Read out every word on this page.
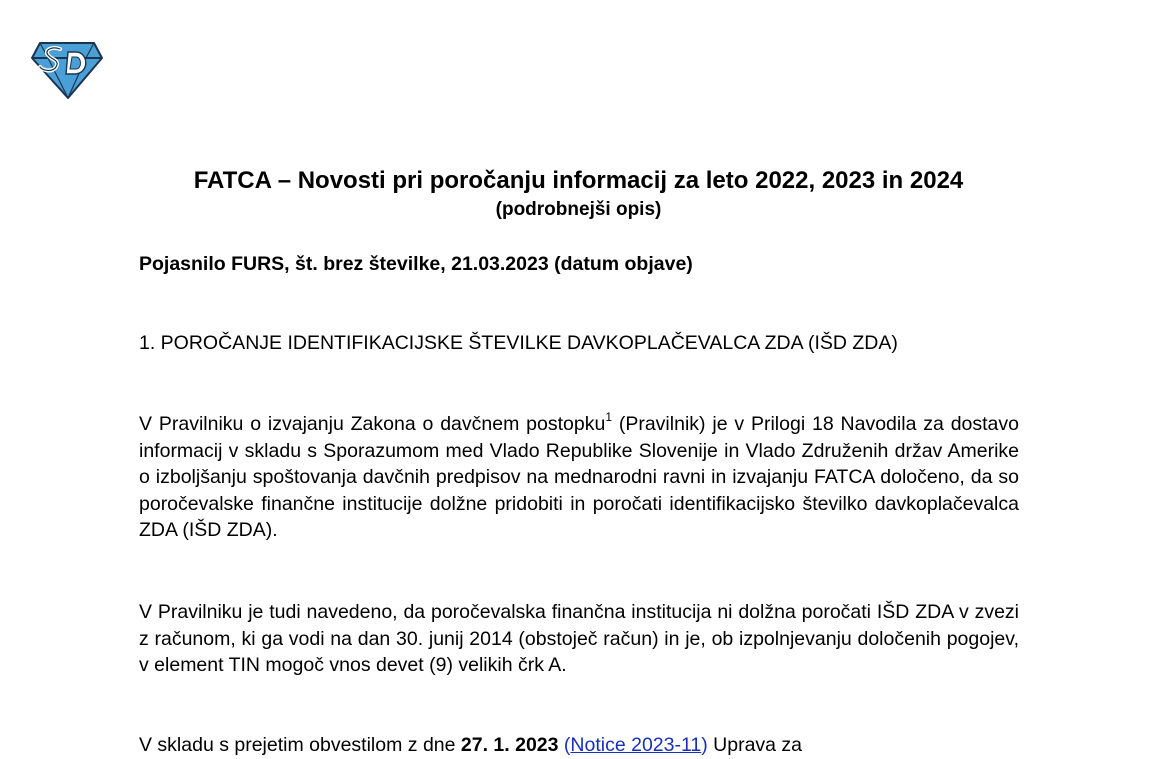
FATCA – Novosti pri poročanju informacij za leto 2022, 2023 in 2024

(podrobnejši opis)

Pojasnilo FURS, št. brez številke, 21.03.2023 (datum objave)

1. POROČANJE IDENTIFIKACIJSKE ŠTEVILKE DAVKOPLAČEVALCA ZDA (IŠD ZDA)

V Pravilniku o izvajanju Zakona o davčnem postopku$^1$ (Pravilnik) je v Prilogi 18 Navodila za dostavo informacij v skladu s Sporazumom med Vlado Republike Slovenije in Vlado Združenih držav Amerike o izboljšanju spoštovanja davčnih predpisov na mednarodni ravni in izvajanju FATCA določeno, da so poročevalske finančne institucije dolžne pridobiti in poročati identifikacijsko številko davkoplačevalca ZDA (IŠD ZDA).

V Pravilniku je tudi navedeno, da poročevalska finančna institucija ni dolžna poročati IŠD ZDA v zvezi z računom, ki ga vodi na dan 30. junij 2014 (obstoječ račun) in je, ob izpolnjevanju določenih pogojev, v element TIN mogoč vnos devet (9) velikih črk A.

V skladu s prejetim obvestilom z dne 27. 1. 2023 (Notice 2023-11) Uprava za
